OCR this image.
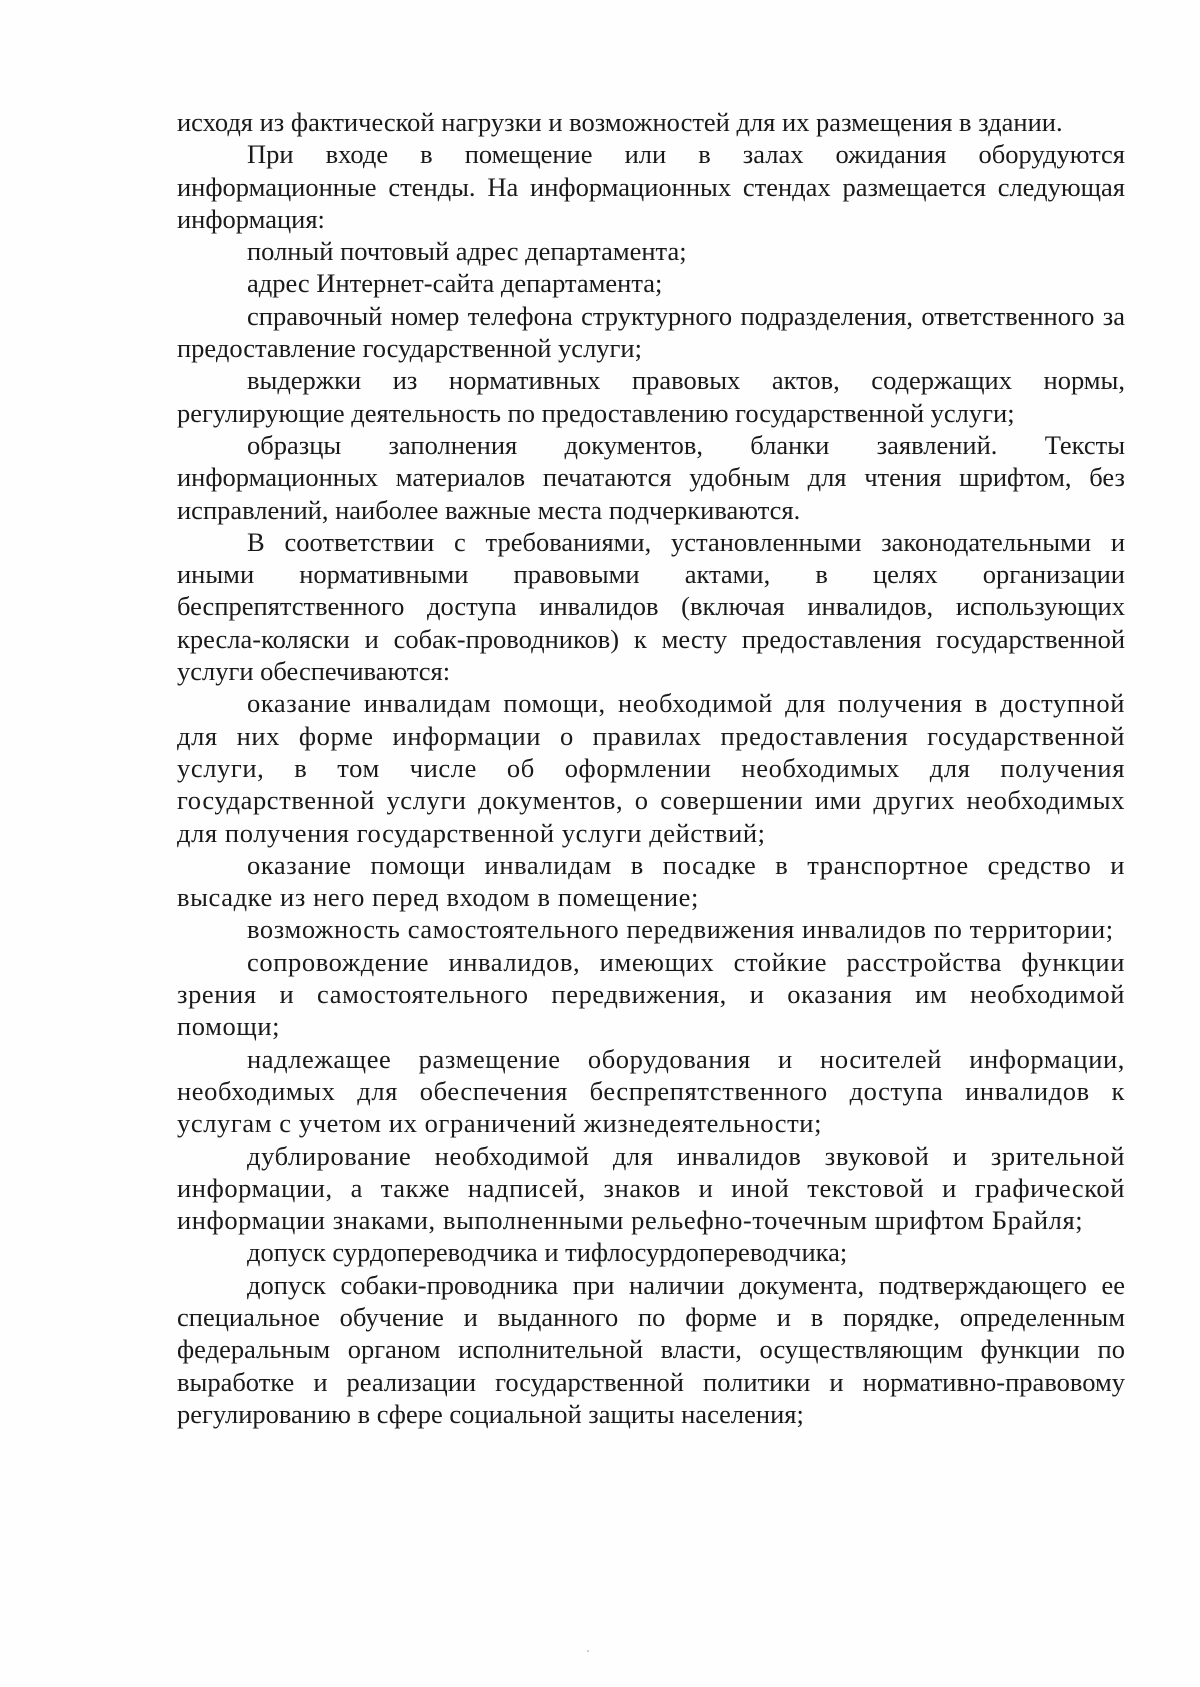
исходя из фактической нагрузки и возможностей для их размещения в здании.

При входе в помещение или в залах ожидания оборудуются информационные стенды. На информационных стендах размещается следующая информация:

полный почтовый адрес департамента;

адрес Интернет-сайта департамента;

справочный номер телефона структурного подразделения, ответственного за предоставление государственной услуги;

выдержки из нормативных правовых актов, содержащих нормы, регулирующие деятельность по предоставлению государственной услуги;

образцы заполнения документов, бланки заявлений. Тексты информационных материалов печатаются удобным для чтения шрифтом, без исправлений, наиболее важные места подчеркиваются.

В соответствии с требованиями, установленными законодательными и иными нормативными правовыми актами, в целях организации беспрепятственного доступа инвалидов (включая инвалидов, использующих кресла-коляски и собак-проводников) к месту предоставления государственной услуги обеспечиваются:

оказание инвалидам помощи, необходимой для получения в доступной для них форме информации о правилах предоставления государственной услуги, в том числе об оформлении необходимых для получения государственной услуги документов, о совершении ими других необходимых для получения государственной услуги действий;

оказание помощи инвалидам в посадке в транспортное средство и высадке из него перед входом в помещение;

возможность самостоятельного передвижения инвалидов по территории;

сопровождение инвалидов, имеющих стойкие расстройства функции зрения и самостоятельного передвижения, и оказания им необходимой помощи;

надлежащее размещение оборудования и носителей информации, необходимых для обеспечения беспрепятственного доступа инвалидов к услугам с учетом их ограничений жизнедеятельности;

дублирование необходимой для инвалидов звуковой и зрительной информации, а также надписей, знаков и иной текстовой и графической информации знаками, выполненными рельефно-точечным шрифтом Брайля;

допуск сурдопереводчика и тифлосурдопереводчика;

допуск собаки-проводника при наличии документа, подтверждающего ее специальное обучение и выданного по форме и в порядке, определенным федеральным органом исполнительной власти, осуществляющим функции по выработке и реализации государственной политики и нормативно-правовому регулированию в сфере социальной защиты населения;
